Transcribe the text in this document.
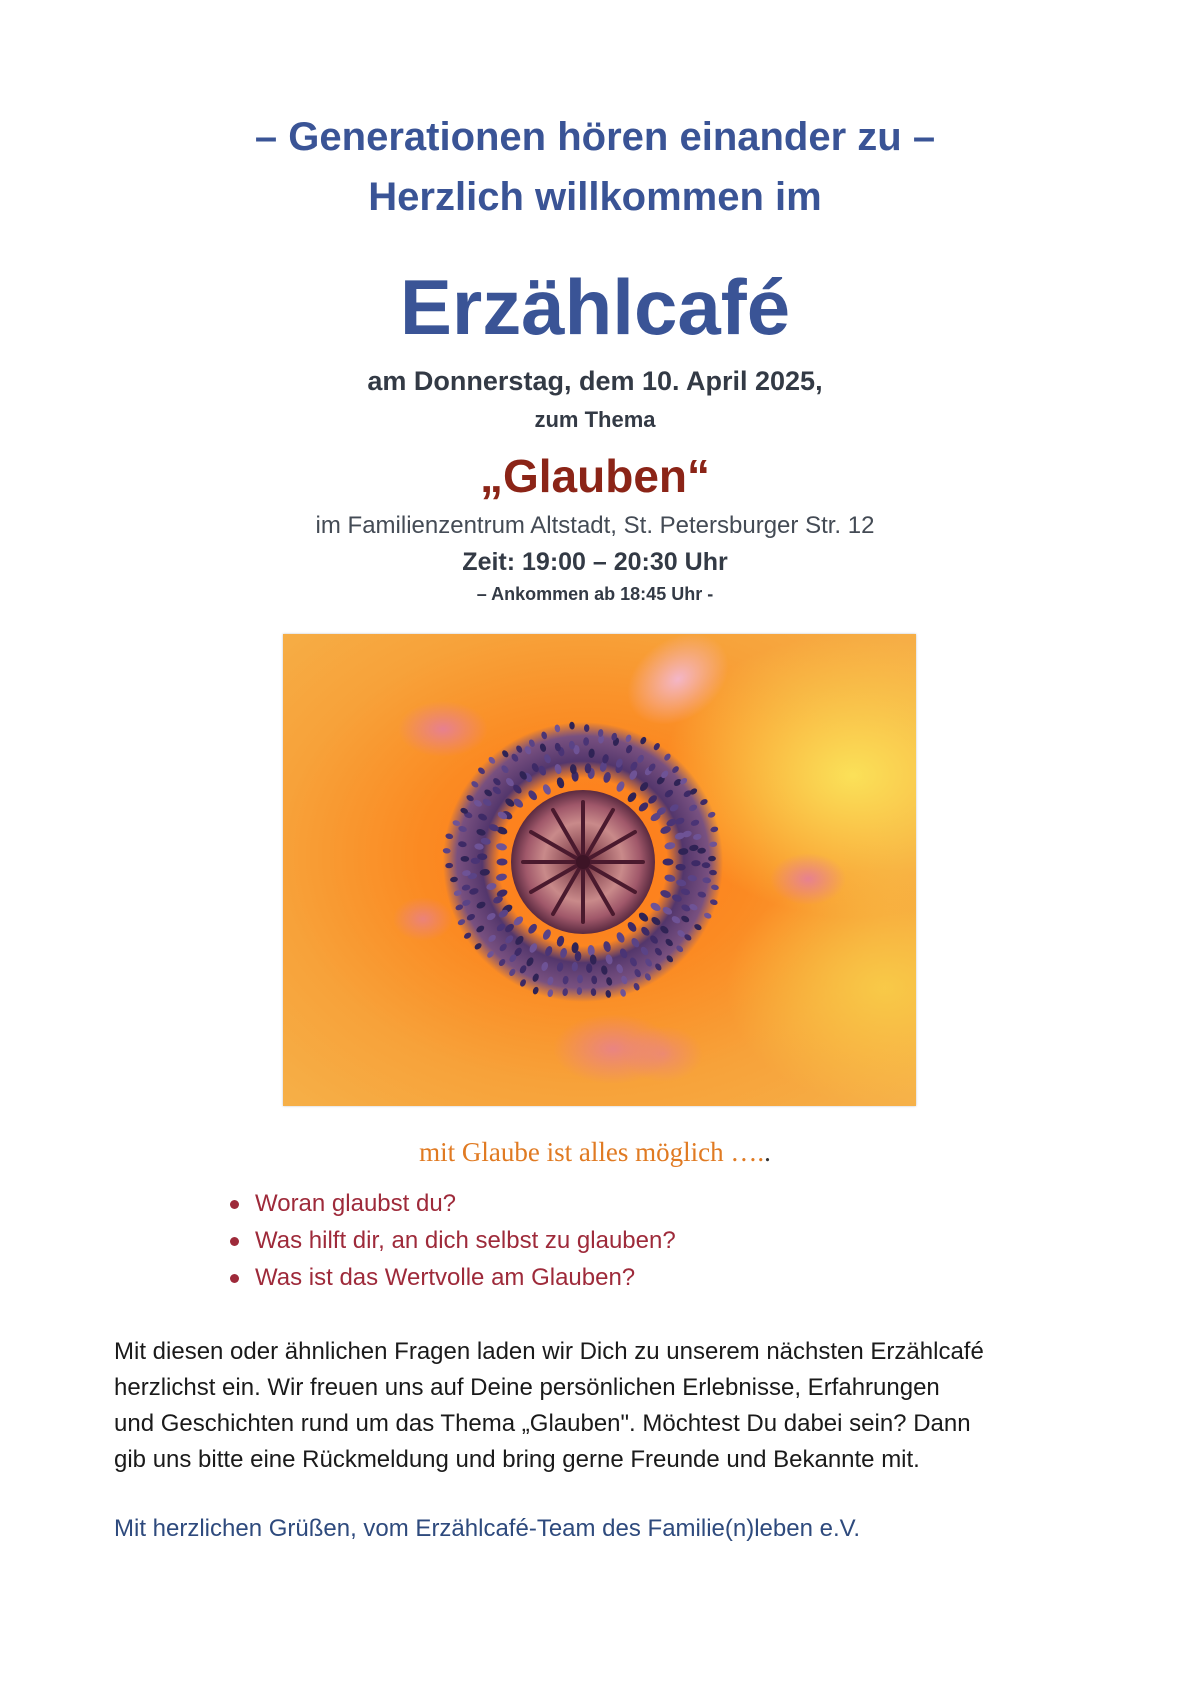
– Generationen hören einander zu –
Herzlich willkommen im
Erzählcafé
am Donnerstag, dem 10. April 2025,
zum Thema
„Glauben“
im Familienzentrum Altstadt, St. Petersburger Str. 12
Zeit: 19:00 – 20:30 Uhr
– Ankommen ab 18:45 Uhr -
mit Glaube ist alles möglich …..
Woran glaubst du?
Was hilft dir, an dich selbst zu glauben?
Was ist das Wertvolle am Glauben?
Mit diesen oder ähnlichen Fragen laden wir Dich zu unserem nächsten Erzählcafé
herzlichst ein. Wir freuen uns auf Deine persönlichen Erlebnisse, Erfahrungen
und Geschichten rund um das Thema „Glauben". Möchtest Du dabei sein? Dann
gib uns bitte eine Rückmeldung und bring gerne Freunde und Bekannte mit.
Mit herzlichen Grüßen, vom Erzählcafé-Team des Familie(n)leben e.V.
